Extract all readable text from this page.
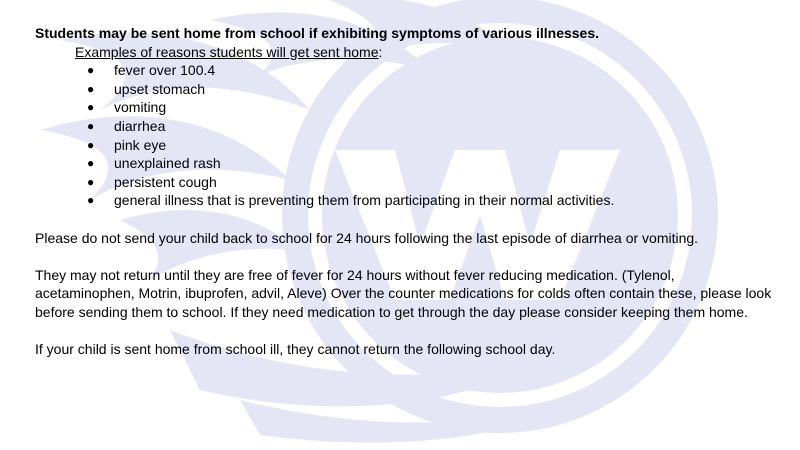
Students may be sent home from school if exhibiting symptoms of various illnesses.

Examples of reasons students will get sent home:

● fever over 100.4
● upset stomach
● vomiting
● diarrhea
● pink eye
● unexplained rash
● persistent cough
● general illness that is preventing them from participating in their normal activities.

Please do not send your child back to school for 24 hours following the last episode of diarrhea or vomiting.

They may not return until they are free of fever for 24 hours without fever reducing medication. (Tylenol, acetaminophen, Motrin, ibuprofen, advil, Aleve) Over the counter medications for colds often contain these, please look before sending them to school. If they need medication to get through the day please consider keeping them home.

If your child is sent home from school ill, they cannot return the following school day.
